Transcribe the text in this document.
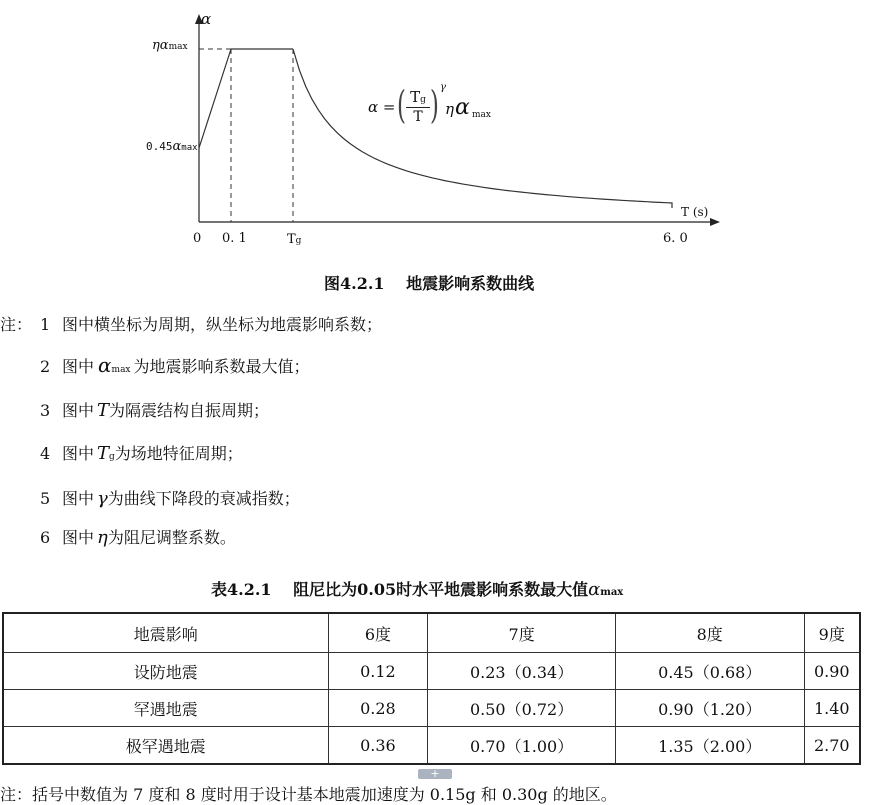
α
ηαmax
0.45αmax
0 0. 1	Tg	6. 0
T (s)
α = ( Tg
T ) γ
η α max
图4.2.1　 地震影响系数曲线
注： 1 图中横坐标为周期，纵坐标为地震影响系数；
2 图中 αmax 为地震影响系数最大值；
3 图中 T为隔震结构自振周期；
4 图中 Tg为场地特征周期；
5 图中 γ为曲线下降段的衰减指数；
6 图中 η为阻尼调整系数。
表4.2.1　 阻尼比为0.05时水平地震影响系数最大值αmax
地震影响	6度	7度	8度	9度
设防地震	0.12	0.23（0.34）	0.45（0.68）	0.90
罕遇地震	0.28	0.50（0.72）	0.90（1.20）	1.40
极罕遇地震	0.36	0.70（1.00）	1.35（2.00）	2.70
+
注：括号中数值为 7 度和 8 度时用于设计基本地震加速度为 0.15g 和 0.30g 的地区。
